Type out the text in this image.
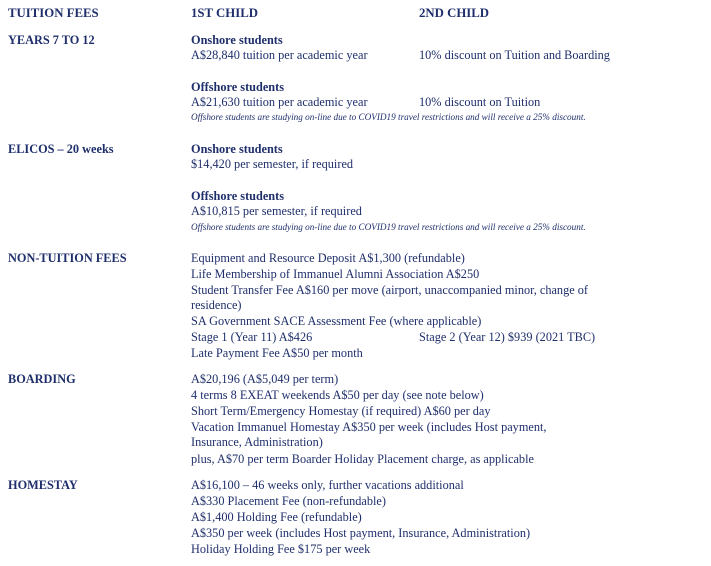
TUITION FEES	1ST CHILD	2ND CHILD
YEARS 7 TO 12	Onshore students
A$28,840 tuition per academic year	10% discount on Tuition and Boarding
Offshore students
A$21,630 tuition per academic year	10% discount on Tuition
Offshore students are studying on-line due to COVID19 travel restrictions and will receive a 25% discount.
ELICOS – 20 weeks	Onshore students
$14,420 per semester, if required
Offshore students
A$10,815 per semester, if required
Offshore students are studying on-line due to COVID19 travel restrictions and will receive a 25% discount.
NON-TUITION FEES	Equipment and Resource Deposit A$1,300 (refundable)
Life Membership of Immanuel Alumni Association A$250
Student Transfer Fee A$160 per move (airport, unaccompanied minor, change of
residence)
SA Government SACE Assessment Fee (where applicable)
Stage 1 (Year 11) A$426	Stage 2 (Year 12) $939 (2021 TBC)
Late Payment Fee A$50 per month
BOARDING	A$20,196 (A$5,049 per term)
4 terms 8 EXEAT weekends A$50 per day (see note below)
Short Term/Emergency Homestay (if required) A$60 per day
Vacation Immanuel Homestay A$350 per week (includes Host payment,
Insurance, Administration)
plus, A$70 per term Boarder Holiday Placement charge, as applicable
HOMESTAY	A$16,100 – 46 weeks only, further vacations additional
A$330 Placement Fee (non-refundable)
A$1,400 Holding Fee (refundable)
A$350 per week (includes Host payment, Insurance, Administration)
Holiday Holding Fee $175 per week
